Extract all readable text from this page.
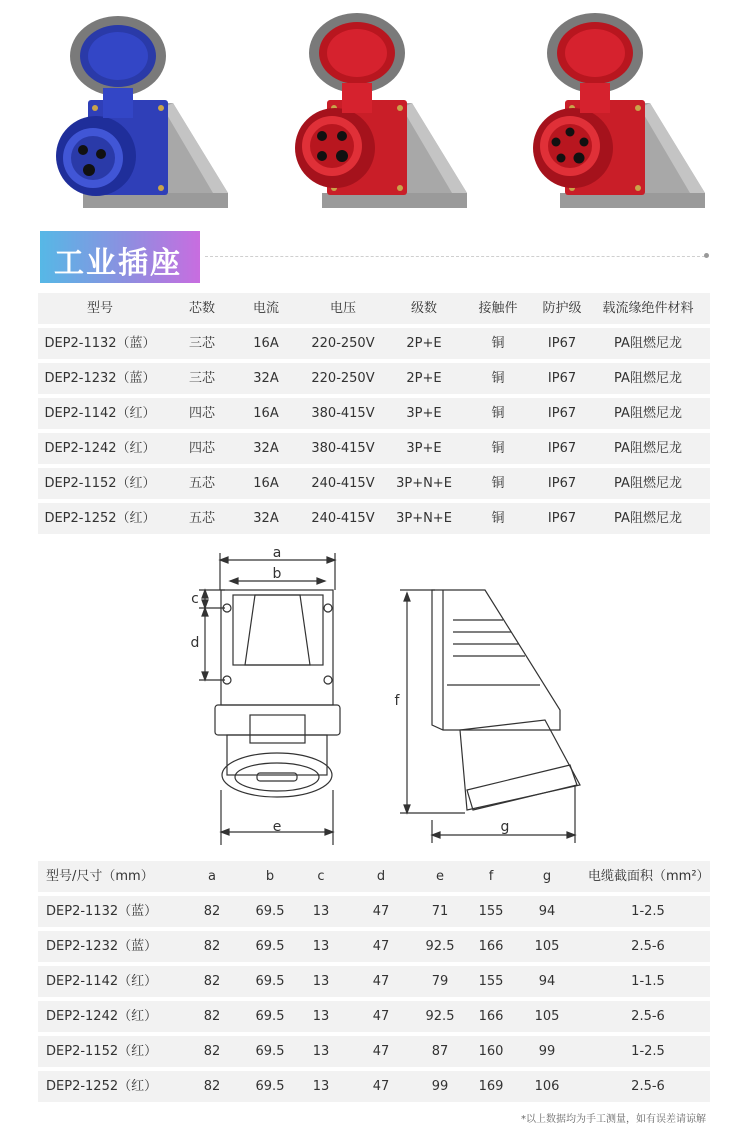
工业插座
型号	芯数	电流	电压	级数	接触件	防护级	载流缘绝件材料
DEP2-1132（蓝）	三芯	16A	220-250V	2P+E	铜	IP67	PA阻燃尼龙
DEP2-1232（蓝）	三芯	32A	220-250V	2P+E	铜	IP67	PA阻燃尼龙
DEP2-1142（红）	四芯	16A	380-415V	3P+E	铜	IP67	PA阻燃尼龙
DEP2-1242（红）	四芯	32A	380-415V	3P+E	铜	IP67	PA阻燃尼龙
DEP2-1152（红）	五芯	16A	240-415V	3P+N+E	铜	IP67	PA阻燃尼龙
DEP2-1252（红）	五芯	32A	240-415V	3P+N+E	铜	IP67	PA阻燃尼龙
a
b
c
d
e
f
g
型号/尺寸（mm）	a	b	c	d	e	f	g	电缆截面积（mm²）
DEP2-1132（蓝）	82	69.5	13	47	71	155	94	1-2.5
DEP2-1232（蓝）	82	69.5	13	47	92.5	166	105	2.5-6
DEP2-1142（红）	82	69.5	13	47	79	155	94	1-1.5
DEP2-1242（红）	82	69.5	13	47	92.5	166	105	2.5-6
DEP2-1152（红）	82	69.5	13	47	87	160	99	1-2.5
DEP2-1252（红）	82	69.5	13	47	99	169	106	2.5-6
*以上数据均为手工测量，如有误差请谅解
